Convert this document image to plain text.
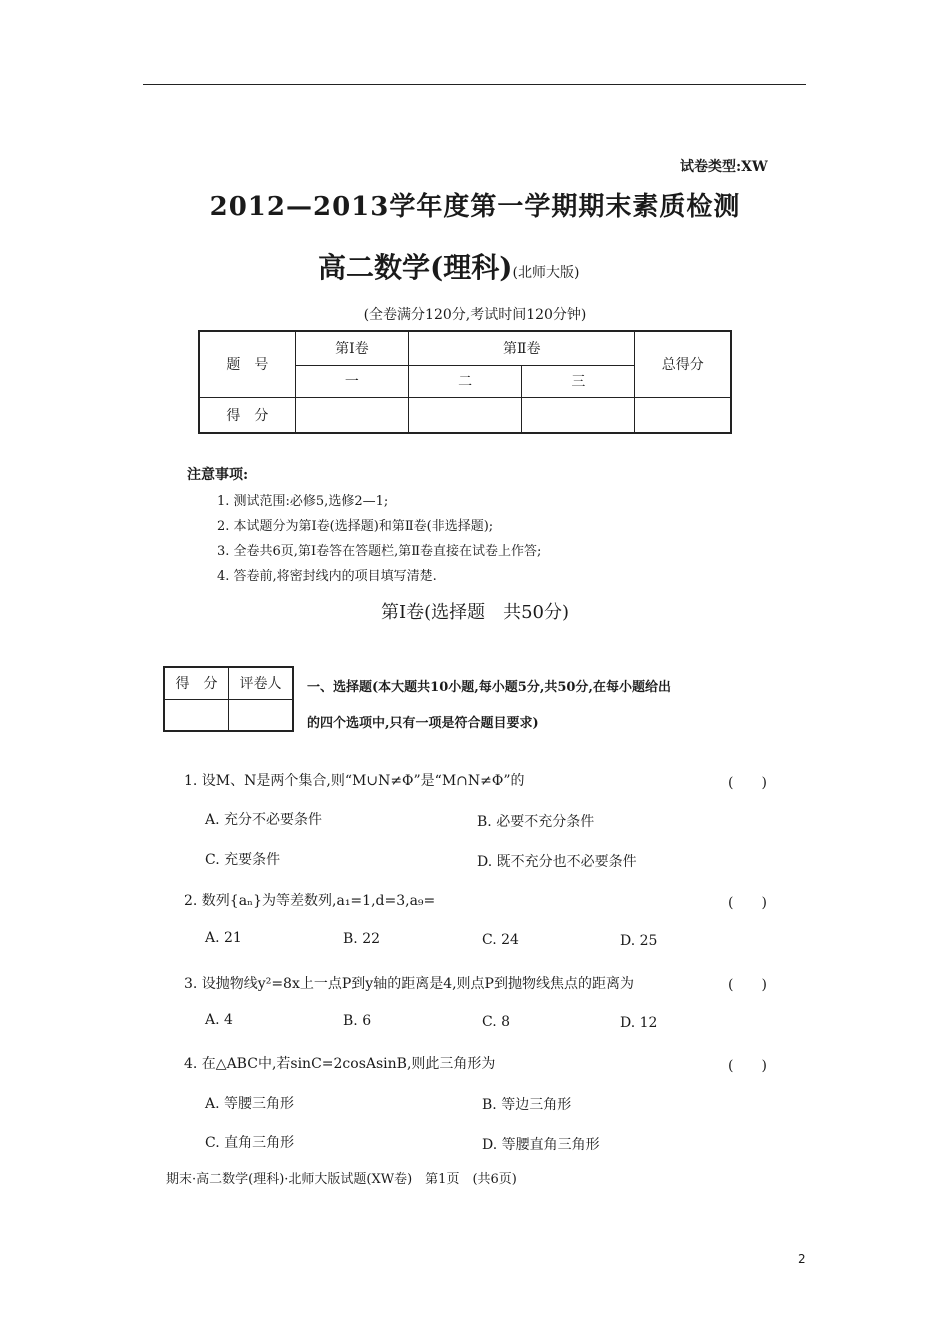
试卷类型:XW
2012—2013学年度第一学期期末素质检测
高二数学(理科)(北师大版)
(全卷满分120分,考试时间120分钟)
题　号	第Ⅰ卷	第Ⅱ卷		总得分
	一	二	三	
得　分				
注意事项:
1. 测试范围:必修5,选修2—1;
2. 本试题分为第Ⅰ卷(选择题)和第Ⅱ卷(非选择题);
3. 全卷共6页,第Ⅰ卷答在答题栏,第Ⅱ卷直接在试卷上作答;
4. 答卷前,将密封线内的项目填写清楚.
第Ⅰ卷(选择题　共50分)
得　分	评卷人
	一、选择题(本大题共10小题,每小题5分,共50分,在每小题给出
的四个选项中,只有一项是符合题目要求)
1. 设M、N是两个集合,则“M∪N≠Φ”是“M∩N≠Φ”的	(　　)
A. 充分不必要条件	B. 必要不充分条件
C. 充要条件	D. 既不充分也不必要条件
2. 数列{aₙ}为等差数列,a₁=1,d=3,a₉=	(　　)
A. 21	B. 22	C. 24	D. 25
3. 设抛物线y²=8x上一点P到y轴的距离是4,则点P到抛物线焦点的距离为	(　　)
A. 4	B. 6	C. 8	D. 12
4. 在△ABC中,若sinC=2cosAsinB,则此三角形为	(　　)
A. 等腰三角形	B. 等边三角形
C. 直角三角形	D. 等腰直角三角形
期末·高二数学(理科)·北师大版试题(XW卷)　第1页　(共6页)
2
